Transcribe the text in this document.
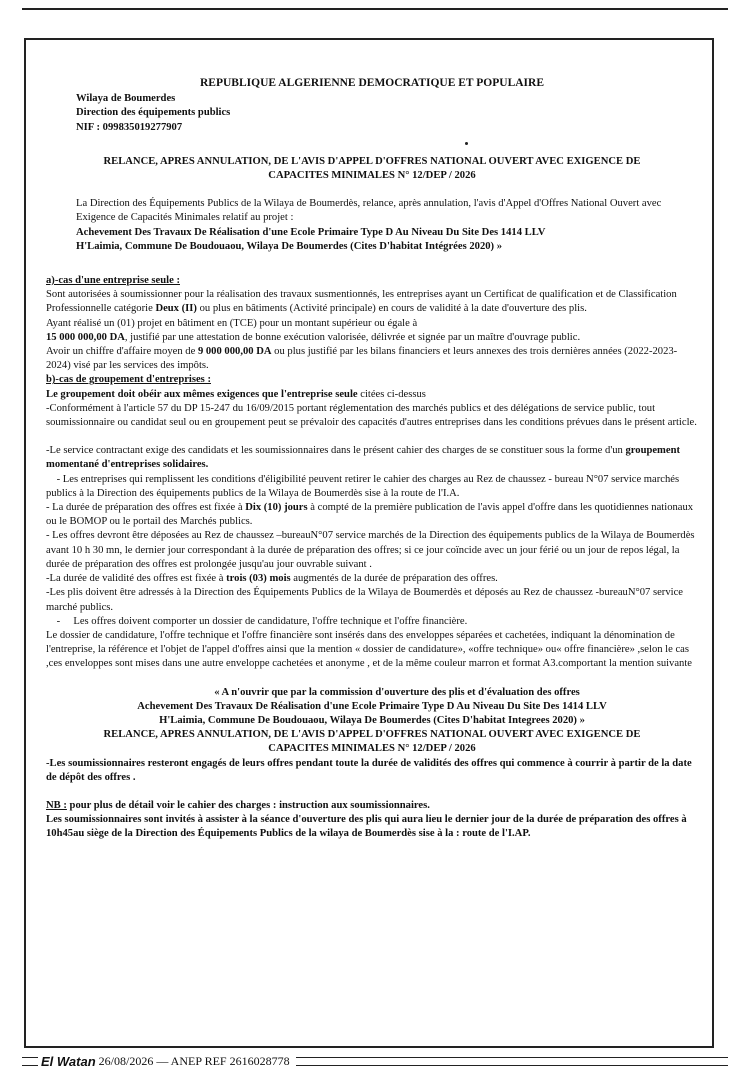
REPUBLIQUE ALGERIENNE DEMOCRATIQUE ET POPULAIRE

Wilaya de Boumerdes

Direction des équipements publics

NIF : 099835019277907

RELANCE, APRES ANNULATION, DE L'AVIS D'APPEL D'OFFRES NATIONAL OUVERT AVEC EXIGENCE DE

CAPACITES MINIMALES N° 12/DEP / 2026

La Direction des Équipements Publics de la Wilaya de Boumerdès, relance, après annulation, l'avis d'Appel d'Offres National Ouvert avec Exigence de Capacités Minimales relatif au projet :

Achevement Des Travaux De Réalisation d'une Ecole Primaire Type D Au Niveau Du Site Des 1414 LLV

H'Laimia, Commune De Boudouaou, Wilaya De Boumerdes (Cites D'habitat Intégrées 2020) »

a)-cas d'une entreprise seule :

Sont autorisées à soumissionner pour la réalisation des travaux susmentionnés, les entreprises ayant un Certificat de qualification et de Classification Professionnelle catégorie Deux (II) ou plus en bâtiments (Activité principale) en cours de validité à la date d'ouverture des plis.

Ayant réalisé un (01) projet en bâtiment en (TCE) pour un montant supérieur ou égale à

15 000 000,00 DA, justifié par une attestation de bonne exécution valorisée, délivrée et signée par un maître d'ouvrage public.

Avoir un chiffre d'affaire moyen de 9 000 000,00 DA ou plus justifié par les bilans financiers et leurs annexes des trois dernières années (2022-2023-2024) visé par les services des impôts.

b)-cas de groupement d'entreprises :

Le groupement doit obéir aux mêmes exigences que l'entreprise seule citées ci-dessus

-Conformément à l'article 57 du DP 15-247 du 16/09/2015 portant réglementation des marchés publics et des délégations de service public, tout soumissionnaire ou candidat seul ou en groupement peut se prévaloir des capacités d'autres entreprises dans les conditions prévues dans le présent article.

-Le service contractant exige des candidats et les soumissionnaires dans le présent cahier des charges de se constituer sous la forme d'un groupement momentané d'entreprises solidaires.

- Les entreprises qui remplissent les conditions d'éligibilité peuvent retirer le cahier des charges au Rez de chaussez - bureau N°07 service marchés publics à la Direction des équipements publics de la Wilaya de Boumerdès sise à la route de l'I.A.

- La durée de préparation des offres est fixée à Dix (10) jours à compté de la première publication de l'avis appel d'offre dans les quotidiennes nationaux ou le BOMOP ou le portail des Marchés publics.

- Les offres devront être déposées au Rez de chaussez –bureauN°07 service marchés de la Direction des équipements publics de la Wilaya de Boumerdès avant 10 h 30 mn, le dernier jour correspondant à la durée de préparation des offres; si ce jour coïncide avec un jour férié ou un jour de repos légal, la durée de préparation des offres est prolongée jusqu'au jour ouvrable suivant .

-La durée de validité des offres est fixée à trois (03) mois augmentés de la durée de préparation des offres.

-Les plis doivent être adressés à la Direction des Équipements Publics de la Wilaya de Boumerdès et déposés au Rez de chaussez -bureauN°07 service marché publics.

-     Les offres doivent comporter un dossier de candidature, l'offre technique et l'offre financière.

Le dossier de candidature, l'offre technique et l'offre financière sont insérés dans des enveloppes séparées et cachetées, indiquant la dénomination de l'entreprise, la référence et l'objet de l'appel d'offres ainsi que la mention « dossier de candidature», «offre technique» ou« offre financière» ,selon le cas ,ces enveloppes sont mises dans une autre enveloppe cachetées et anonyme , et de la même couleur marron et format A3.comportant la mention suivante

« A n'ouvrir que par la commission d'ouverture des plis et d'évaluation des offres

Achevement Des Travaux De Réalisation d'une Ecole Primaire Type D Au Niveau Du Site Des 1414 LLV

H'Laimia, Commune De Boudouaou, Wilaya De Boumerdes (Cites D'habitat Integrees 2020) »

RELANCE, APRES ANNULATION, DE L'AVIS D'APPEL D'OFFRES NATIONAL OUVERT AVEC EXIGENCE DE

CAPACITES MINIMALES N° 12/DEP / 2026

-Les soumissionnaires resteront engagés de leurs offres pendant toute la durée de validités des offres qui commence à courrir à partir de la date de dépôt des offres .

NB : pour plus de détail voir le cahier des charges : instruction aux soumissionnaires.

Les soumissionnaires sont invités à assister à la séance d'ouverture des plis qui aura lieu le dernier jour de la durée de préparation des offres à 10h45au siège de la Direction des Équipements Publics de la wilaya de Boumerdès sise à la : route de l'I.AP.

El Watan 26/08/2026 — ANEP REF 2616028778
